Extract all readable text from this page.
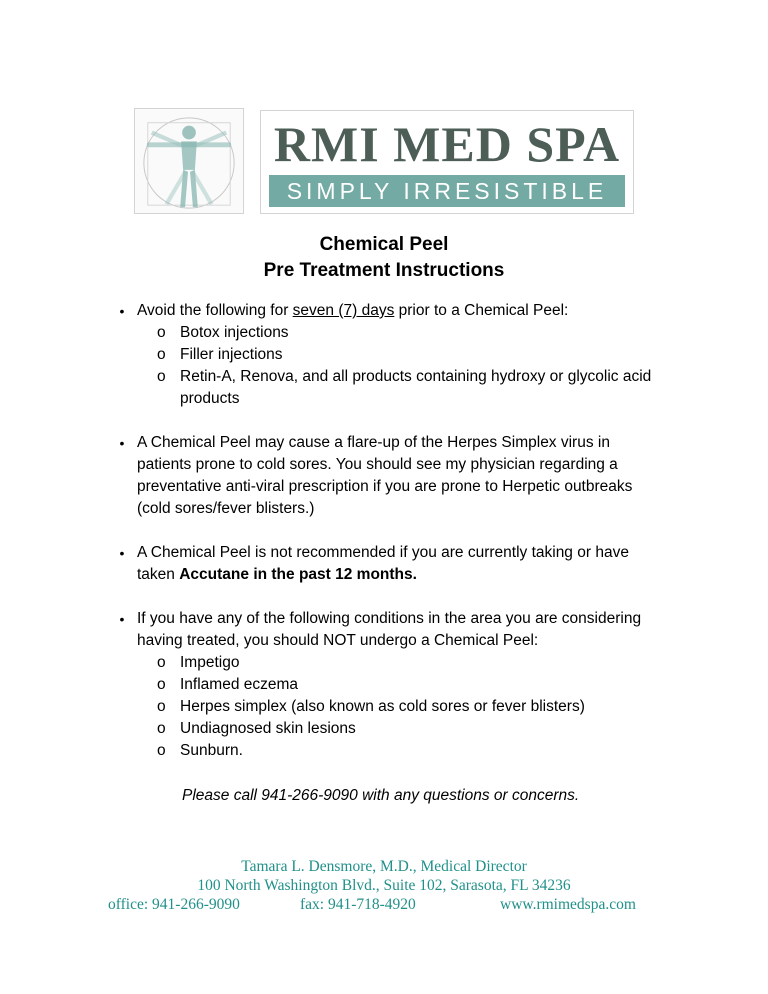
RMI MED SPA
SIMPLY IRRESISTIBLE
Chemical Peel
Pre Treatment Instructions
• Avoid the following for seven (7) days prior to a Chemical Peel:
o Botox injections
o Filler injections
o Retin-A, Renova, and all products containing hydroxy or glycolic acid products
• A Chemical Peel may cause a flare-up of the Herpes Simplex virus in patients prone to cold sores. You should see my physician regarding a preventative anti-viral prescription if you are prone to Herpetic outbreaks (cold sores/fever blisters.)
• A Chemical Peel is not recommended if you are currently taking or have taken Accutane in the past 12 months.
• If you have any of the following conditions in the area you are considering having treated, you should NOT undergo a Chemical Peel:
o Impetigo
o Inflamed eczema
o Herpes simplex (also known as cold sores or fever blisters)
o Undiagnosed skin lesions
o Sunburn.
Please call 941-266-9090 with any questions or concerns.
Tamara L. Densmore, M.D., Medical Director
100 North Washington Blvd., Suite 102, Sarasota, FL 34236
office: 941-266-9090	fax: 941-718-4920	www.rmimedspa.com
